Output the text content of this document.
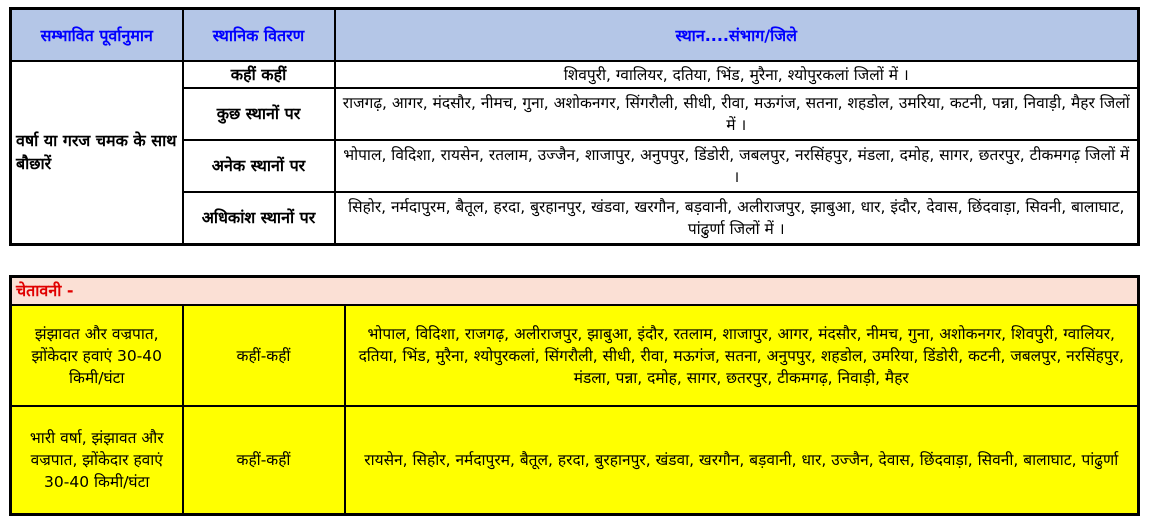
सम्भावित पूर्वानुमान	स्थानिक वितरण	स्थान....संभाग/जिले
वर्षा या गरज चमक के साथ बौछारें	कहीं कहीं	शिवपुरी, ग्वालियर, दतिया, भिंड, मुरैना, श्योपुरकलां जिलों में ।
	कुछ स्थानों पर	राजगढ़, आगर, मंदसौर, नीमच, गुना, अशोकनगर, सिंगरौली, सीधी, रीवा, मऊगंज, सतना, शहडोल, उमरिया, कटनी, पन्ना, निवाड़ी, मैहर जिलों में ।
	अनेक स्थानों पर	भोपाल, विदिशा, रायसेन, रतलाम, उज्जैन, शाजापुर, अनुपपुर, डिंडोरी, जबलपुर, नरसिंहपुर, मंडला, दमोह, सागर, छतरपुर, टीकमगढ़ जिलों में ।
	अधिकांश स्थानों पर	सिहोर, नर्मदापुरम, बैतूल, हरदा, बुरहानपुर, खंडवा, खरगौन, बड़वानी, अलीराजपुर, झाबुआ, धार, इंदौर, देवास, छिंदवाड़ा, सिवनी, बालाघाट, पांढुर्णा जिलों में ।
चेतावनी -		
झंझावत और वज्रपात, झोंकेदार हवाएं 30-40 किमी/घंटा	कहीं-कहीं	भोपाल, विदिशा, राजगढ़, अलीराजपुर, झाबुआ, इंदौर, रतलाम, शाजापुर, आगर, मंदसौर, नीमच, गुना, अशोकनगर, शिवपुरी, ग्वालियर, दतिया, भिंड, मुरैना, श्योपुरकलां, सिंगरौली, सीधी, रीवा, मऊगंज, सतना, अनुपपुर, शहडोल, उमरिया, डिंडोरी, कटनी, जबलपुर, नरसिंहपुर, मंडला, पन्ना, दमोह, सागर, छतरपुर, टीकमगढ़, निवाड़ी, मैहर
भारी वर्षा, झंझावत और वज्रपात, झोंकेदार हवाएं 30-40 किमी/घंटा	कहीं-कहीं	रायसेन, सिहोर, नर्मदापुरम, बैतूल, हरदा, बुरहानपुर, खंडवा, खरगौन, बड़वानी, धार, उज्जैन, देवास, छिंदवाड़ा, सिवनी, बालाघाट, पांढुर्णा
